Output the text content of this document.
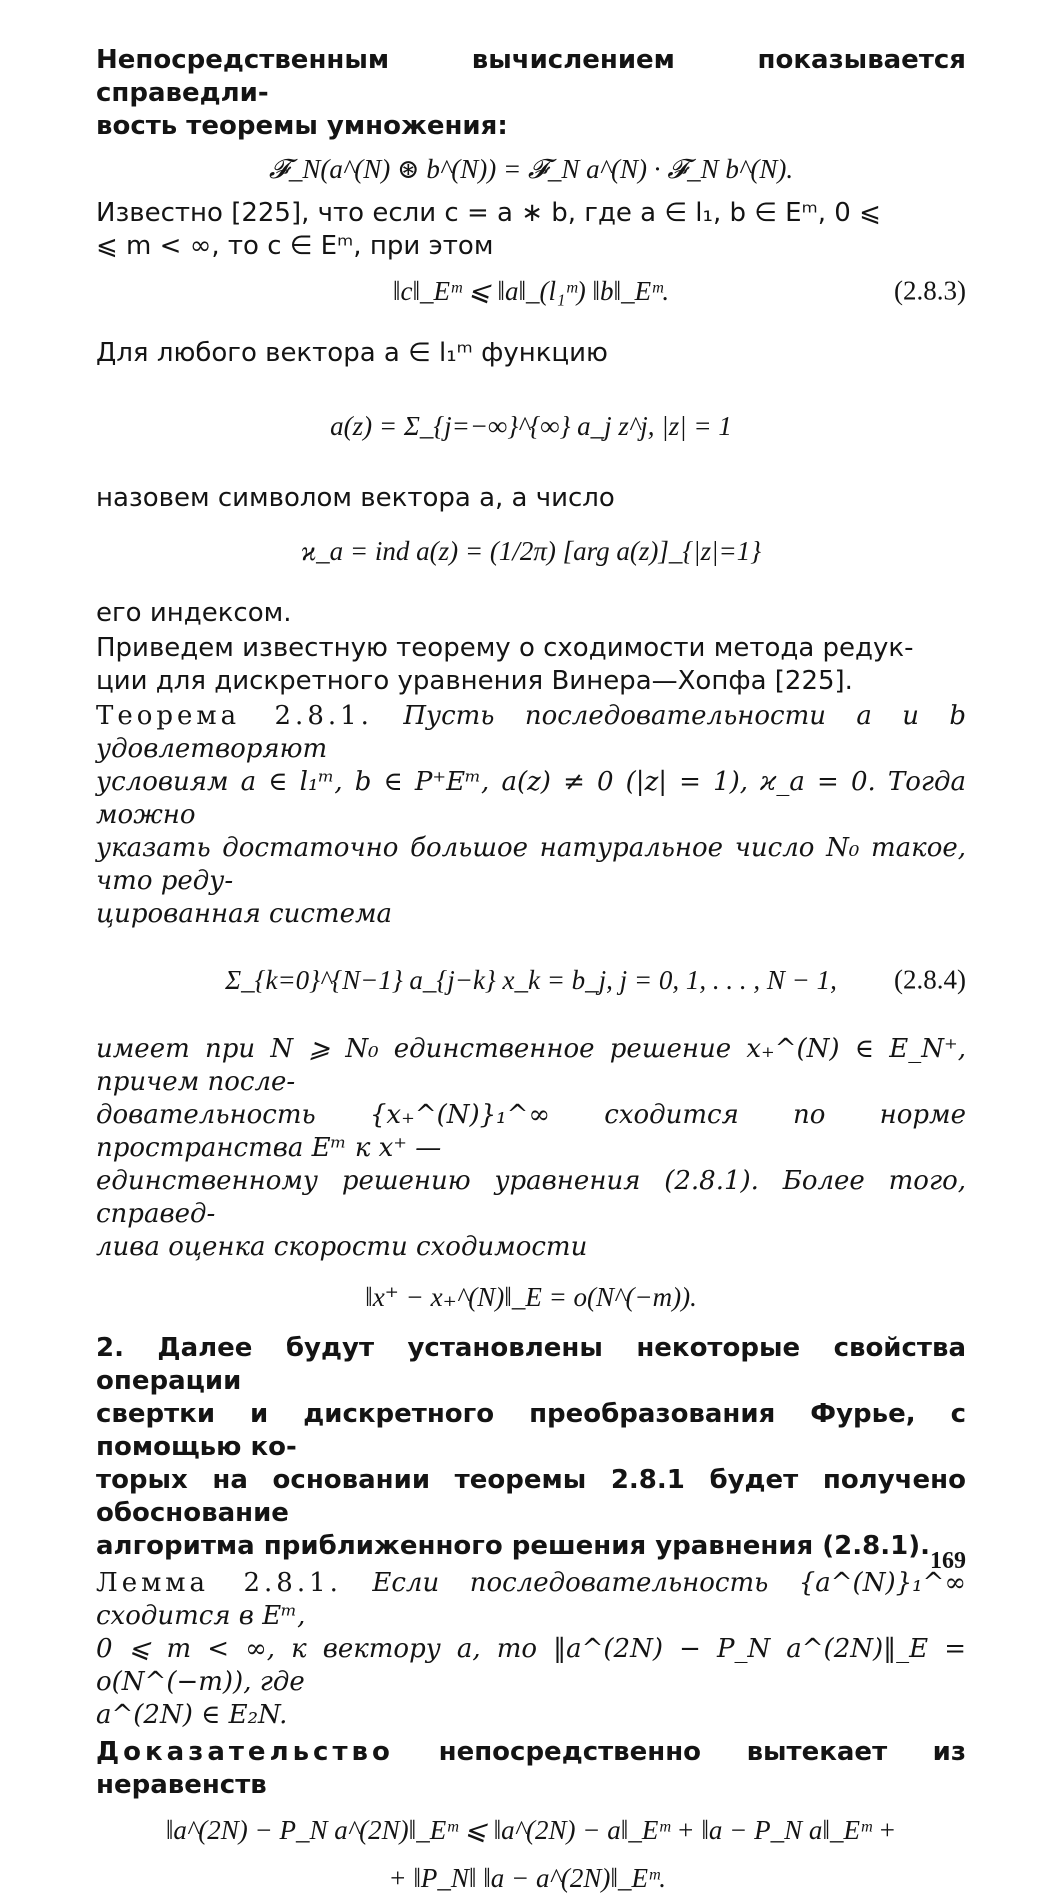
Непосредственным вычислением показывается справедли-
вость теоремы умножения:
𝓕_N(a^(N) ⊛ b^(N)) = 𝓕_N a^(N) · 𝓕_N b^(N).
Известно [225], что если c = a ∗ b, где a ∈ l₁, b ∈ Eᵐ, 0 ⩽
⩽ m < ∞, то c ∈ Eᵐ, при этом
‖c‖_Eᵐ ⩽ ‖a‖_(l₁ᵐ) ‖b‖_Eᵐ.	(2.8.3)
Для любого вектора a ∈ l₁ᵐ функцию
a(z) = Σ_{j=−∞}^{∞} a_j z^j, |z| = 1
назовем символом вектора a, а число
ϰ_a = ind a(z) = (1/2π) [arg a(z)]_{|z|=1}
его индексом.
Приведем известную теорему о сходимости метода редук-
ции для дискретного уравнения Винера—Хопфа [225].
Теорема 2.8.1. Пусть последовательности a и b удовлетворяют
условиям a ∈ l₁ᵐ, b ∈ P⁺Eᵐ, a(z) ≠ 0 (|z| = 1), ϰ_a = 0. Тогда можно
указать достаточно большое натуральное число N₀ такое, что реду-
цированная система
Σ_{k=0}^{N−1} a_{j−k} x_k = b_j, j = 0, 1, . . . , N − 1, (2.8.4)
имеет при N ⩾ N₀ единственное решение x₊^(N) ∈ E_N⁺, причем после-
довательность {x₊^(N)}₁^∞ сходится по норме пространства Eᵐ к x⁺ —
единственному решению уравнения (2.8.1). Более того, справед-
лива оценка скорости сходимости
‖x⁺ − x₊^(N)‖_E = o(N^(−m)).
2. Далее будут установлены некоторые свойства операции
свертки и дискретного преобразования Фурье, с помощью ко-
торых на основании теоремы 2.8.1 будет получено обоснование
алгоритма приближенного решения уравнения (2.8.1).
Лемма 2.8.1. Если последовательность {a^(N)}₁^∞ сходится в Eᵐ,
0 ⩽ m < ∞, к вектору a, то ‖a^(2N) − P_N a^(2N)‖_E = o(N^(−m)), где
a^(2N) ∈ E₂N.
Доказательство непосредственно вытекает из неравенств
‖a^(2N) − P_N a^(2N)‖_Eᵐ ⩽ ‖a^(2N) − a‖_Eᵐ + ‖a − P_N a‖_Eᵐ +
+ ‖P_N‖ ‖a − a^(2N)‖_Eᵐ.
169
